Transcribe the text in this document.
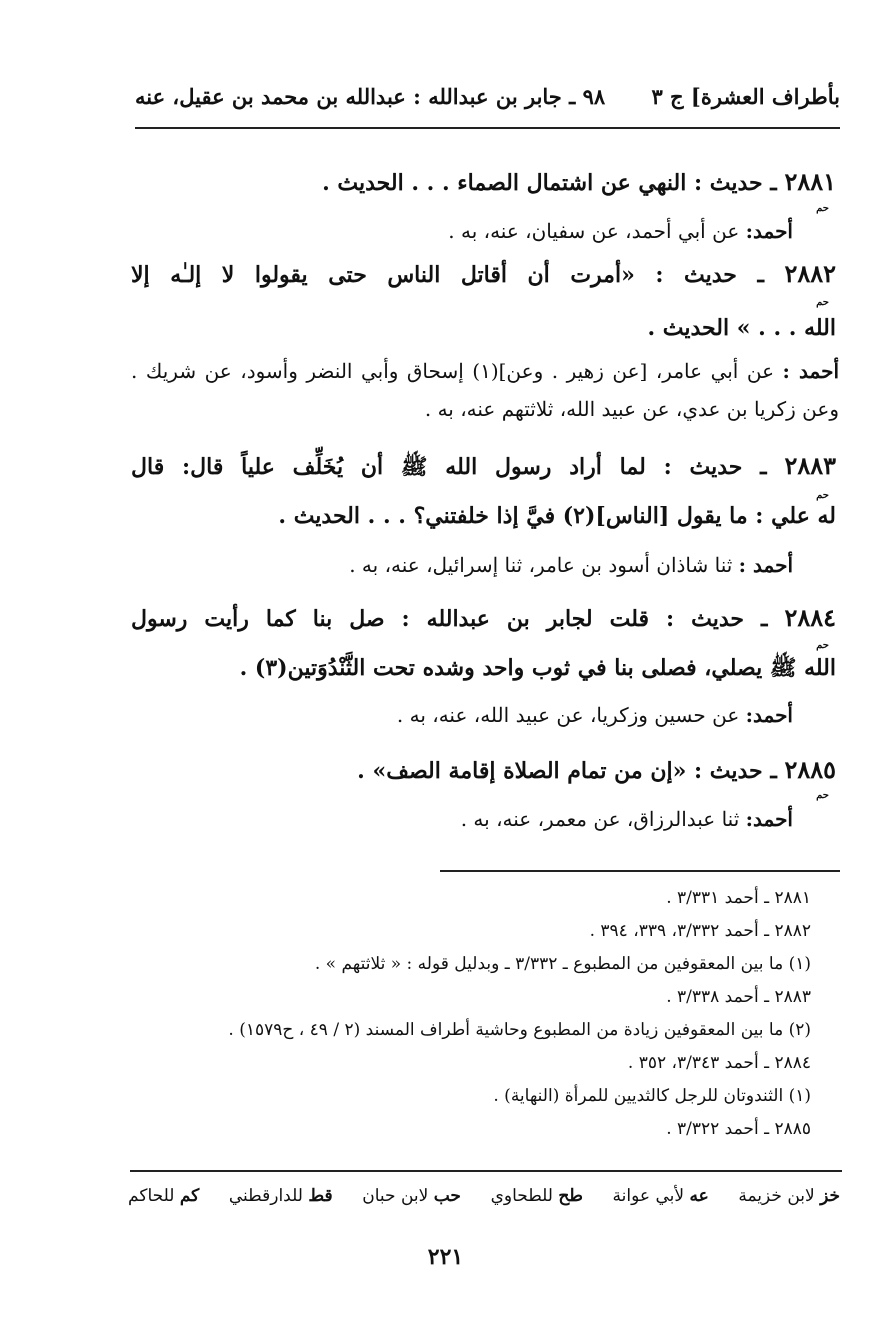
بأطراف العشرة] ج ٣
٩٨ ـ جابر بن عبدالله : عبدالله بن محمد بن عقيل، عنه
٢٨٨١ ـ حديث : النهي عن اشتمال الصماء . . . الحديث .
حم
أحمد: عن أبي أحمد، عن سفيان، عنه، به .
٢٨٨٢ ـ حديث : «أمرت أن أقاتل الناس حتى يقولوا لا إلـٰه إلا
حم
الله . . . » الحديث .
أحمد : عن أبي عامر، [عن زهير . وعن](١) إسحاق وأبي النضر وأسود، عن شريك . وعن زكريا بن عدي، عن عبيد الله، ثلاثتهم عنه، به .
٢٨٨٣ ـ حديث : لما أراد رسول الله ﷺ أن يُخَلِّف علياً قال: قال
حم
له علي : ما يقول [الناس](٢) فيَّ إذا خلفتني؟ . . . الحديث .
أحمد : ثنا شاذان أسود بن عامر، ثنا إسرائيل، عنه، به .
٢٨٨٤ ـ حديث : قلت لجابر بن عبدالله : صل بنا كما رأيت رسول
حم
الله ﷺ يصلي، فصلى بنا في ثوب واحد وشده تحت الثَّنْدُوَتين(٣) .
أحمد: عن حسين وزكريا، عن عبيد الله، عنه، به .
٢٨٨٥ ـ حديث : «إن من تمام الصلاة إقامة الصف» .
حم
أحمد: ثنا عبدالرزاق، عن معمر، عنه، به .
٢٨٨١ ـ أحمد ٣/٣٣١ .
٢٨٨٢ ـ أحمد ٣/٣٣٢، ٣٣٩، ٣٩٤ .
(١) ما بين المعقوفين من المطبوع ـ ٣/٣٣٢ ـ وبدليل قوله : « ثلاثتهم » .
٢٨٨٣ ـ أحمد ٣/٣٣٨ .
(٢) ما بين المعقوفين زيادة من المطبوع وحاشية أطراف المسند (٢ / ٤٩ ، ح١٥٧٩) .
٢٨٨٤ ـ أحمد ٣/٣٤٣، ٣٥٢ .
(١) الثندوتان للرجل كالثديين للمرأة (النهاية) .
٢٨٨٥ ـ أحمد ٣/٣٢٢ .
خز لابن خزيمة
عه لأبي عوانة
طح للطحاوي
حب لابن حبان
قط للدارقطني
كم للحاكم
٢٢١
